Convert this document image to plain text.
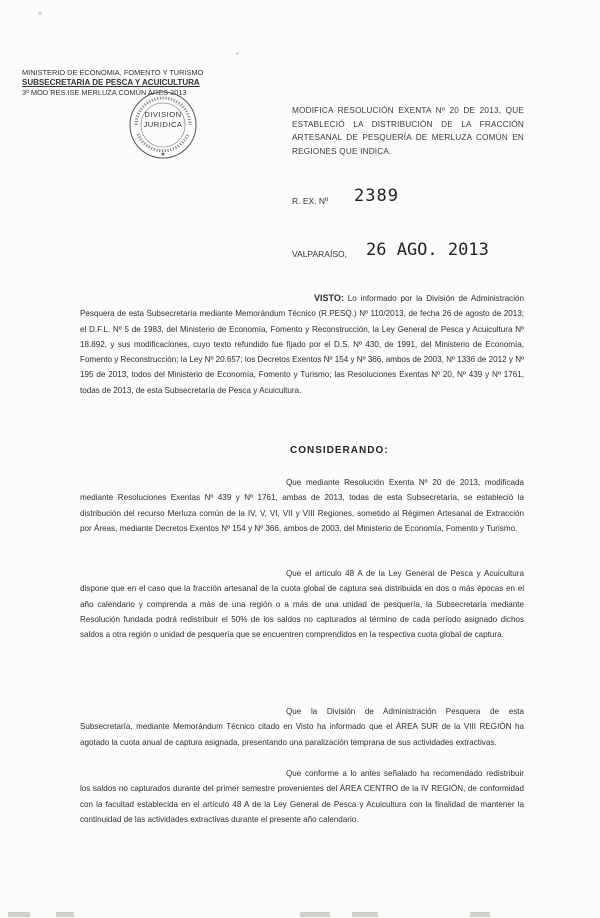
MINISTERIO DE ECONOMIA, FOMENTO Y TURISMO
SUBSECRETARIA DE PESCA Y ACUICULTURA
3ª MOD RES.ISE MERLUZA COMÚN ARES 2013
★
DIVISION
JURIDICA
MODIFICA RESOLUCIÓN EXENTA Nº 20 DE 2013, QUE ESTABLECIÓ LA DISTRIBUCIÓN DE LA FRACCIÓN ARTESANAL DE PESQUERÍA DE MERLUZA COMÚN EN REGIONES QUE INDICA.
R. EX. Nº 2389
VALPARAÍSO, 26 AGO. 2013
VISTO: Lo informado por la División de Administración Pesquera de esta Subsecretaría mediante Memorándum Técnico (R.PESQ.) Nº 110/2013, de fecha 26 de agosto de 2013; el D.F.L. Nº 5 de 1983, del Ministerio de Economía, Fomento y Reconstrucción, la Ley General de Pesca y Acuicultura Nº 18.892, y sus modificaciones, cuyo texto refundido fue fijado por el D.S. Nº 430, de 1991, del Ministerio de Economía, Fomento y Reconstrucción; la Ley Nº 20.657; los Decretos Exentos Nº 154 y Nº 366, ambos de 2003, Nº 1336 de 2012 y Nº 195 de 2013, todos del Ministerio de Economía, Fomento y Turismo; las Resoluciones Exentas Nº 20, Nº 439 y Nº 1761, todas de 2013, de esta Subsecretaría de Pesca y Acuicultura.
CONSIDERANDO:
Que mediante Resolución Exenta Nº 20 de 2013, modificada mediante Resoluciones Exentas Nº 439 y Nº 1761, ambas de 2013, todas de esta Subsecretaría, se estableció la distribución del recurso Merluza común de la IV, V, VI, VII y VIII Regiones, sometido al Régimen Artesanal de Extracción por Áreas, mediante Decretos Exentos Nº 154 y Nº 366, ambos de 2003, del Ministerio de Economía, Fomento y Turismo.
Que el artículo 48 A de la Ley General de Pesca y Acuicultura dispone que en el caso que la fracción artesanal de la cuota global de captura sea distribuida en dos o más épocas en el año calendario y comprenda a más de una región o a más de una unidad de pesquería, la Subsecretaría mediante Resolución fundada podrá redistribuir el 50% de los saldos no capturados al término de cada período asignado dichos saldos a otra región o unidad de pesquería que se encuentren comprendidos en la respectiva cuota global de captura.
Que la División de Administración Pesquera de esta Subsecretaría, mediante Memorándum Técnico citado en Visto ha informado que el ÁREA SUR de la VIII REGIÓN ha agotado la cuota anual de captura asignada, presentando una paralización temprana de sus actividades extractivas.
Que conforme a lo antes señalado ha recomendado redistribuir los saldos no capturados durante del primer semestre provenientes del ÁREA CENTRO de la IV REGIÓN, de conformidad con la facultad establecida en el artículo 48 A de la Ley General de Pesca y Acuicultura con la finalidad de mantener la continuidad de las actividades extractivas durante el presente año calendario.
